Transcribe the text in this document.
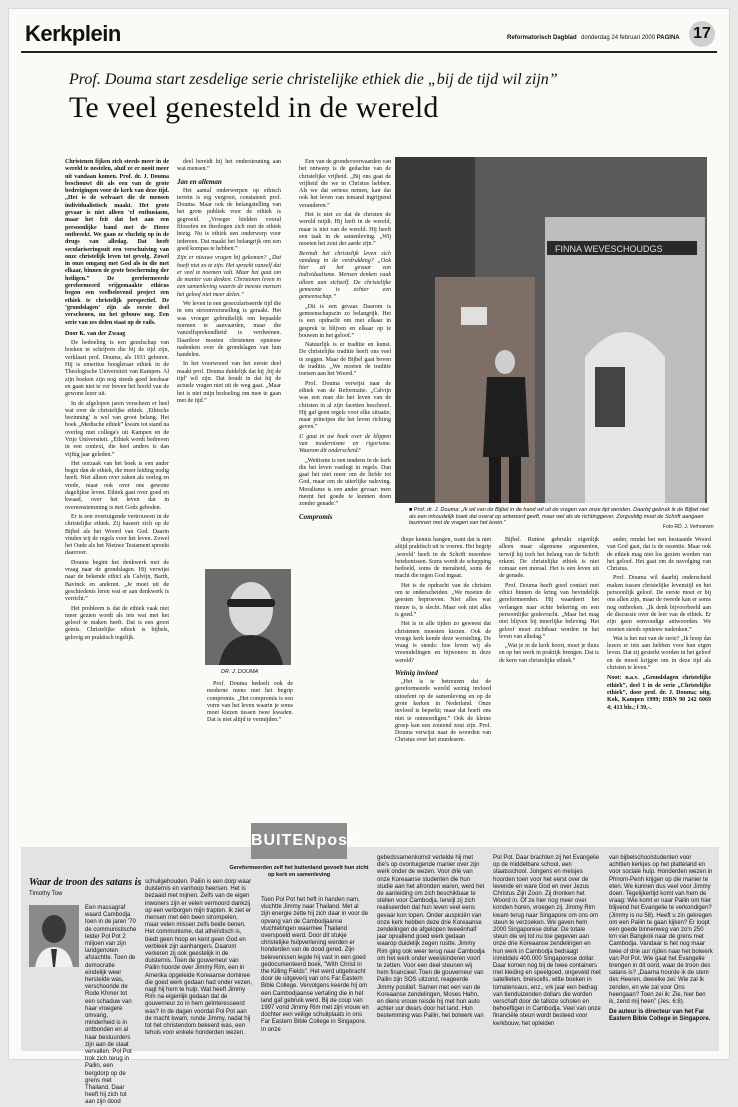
Kerkplein	Reformatorisch Dagblad donderdag 24 februari 2000 PAGINA 17
Prof. Douma start zesdelige serie christelijke ethiek die „bij de tijd wil zijn”
Te veel genesteld in de wereld

Christenen fijken zich steeds meer in de wereld te nestelen, aluif ze er nooit meer uit vandaan komen. Prof. dr. J. Douma beschouwt dit als een van de grote bedreigingen voor de kerk van deze tijd. „Het is de welvaart die de mensen individualistisch maakt. Het grote gevaar is niet alleen ’el enthusiasm, maar het feit dat het aan een persoonlijke band met de Heere ontbreekt. We gaan ze vluchtig op in de drugs van alledag. Dat heeft seculariseringsuit een verschuiving van onze christelijk leven tot gevolg. Zowel in onze omgang met God als in die met elkaar, binnen de grote bescherming der heiligen.” De gereformeerde gereformeerd vrijgemaakte ethicus begon een veelbelovend project een ethiek te christelijk perspectief. De ‘grondslagen’ zijn als eerste deel verschenen, nu het gebouw nog. Een serie van zes delen staat op de rails.

Door K. van der Zwaag

De bedoeling is een gezelschap van boeken te schrijven die bij de tijd zijn, verklaart prof. Douma, als 1931 geboren. Hij is emeritus hoogleraar ethiek in de Theologische Universiteit van Kampen. Al zijn boeken zijn nog steeds goed leesbaar en gaan niet te ver boven het hoofd van de gewone lezer uit.

In de afgelopen jaren verscheen er heel wat over de christelijke ethiek. ‚Ethische bezinning’ is wel van groot belang. Het boek „Medische ethiek” kwam tot stand na overleg met collega's uit Kampen en de Vrije Universiteit. „Ethiek wordt bedreven in een context, die heel anders is dan vijftig jaar geleden.”

Het oorzaak van het boek is een ander begin dan de ethiek, die meer leiding nodig heeft. Niet alleen over zaken als oorlog en vrede, maar ook over ons gewone dagelijkse leven. Ethiek gaat over goed en kwaad, over het leven dat in overeenstemming is met Gods geboden.

Er is een overtuigende vertrouwen in de christelijke ethiek. Zij baseert zich op de Bijbel als het Woord van God. Daarin vinden wij de regels voor het leven. Zowel het Oude als het Nieuwe Testament spreekt daarover.

Douma begint het denkwerk met de vraag naar de grondslagen. Hij verwijst naar de bekende ethici als Calvijn, Barth, Bavinck en anderen. „Je moet uit de geschiedenis leren wat er aan denkwerk is verricht.”

Het probleem is dat de ethiek vaak niet meer gezien wordt als iets wat met het geloof te maken heeft. Dat is een groot gemis. Christelijke ethiek is bijbels, gelovig en praktisch tegelijk.

deel bereidt hij het ondersteuning aan wat mensen.”

Jan en alleman

Het aantal onderwerpen op ethisch terrein is erg vergroot, constateert prof. Douma. Maar ook de belangstelling van het grote publiek voor de ethiek is gegroeid. „Vroeger hielden vooral filosofen en theologen zich met de ethiek bezig. Nu is ethiek een onderwerp voor iedereen. Dat maakt het belangrijk om een goed kompas te hebben.”

Zijn er nieuwe vragen bij gekomen? „Dat hoeft niet zo te zijn. Het spreekt vanzelf dat er veel te noemen valt. Maar het gaat om de manier van denken. Christenen leven in een samenleving waarin de meeste mensen het geloof niet meer delen.”

We leven in een geseculariseerde tijd die in een stroomversnelling is geraakt. Het was vroeger gebruikelijk om bepaalde normen te aanvaarden, maar die vanzelfsprekendheid is verdwenen. Daardoor moeten christenen opnieuw nadenken over de grondslagen van hun handelen.

In het voorwoord van het eerste deel maakt prof. Douma duidelijk dat hij ‚bij de tijd’ wil zijn. Dat houdt in dat hij de actuele vragen niet uit de weg gaat. „Maar het is niet mijn bedoeling om mee te gaan met de tijd.”

DR. J. DOUMA

Prof. Douma bedoelt ook de moderne mens met het begrip compromis. „Het compromis is een vorm van het leven waarin je soms moet kiezen tussen twee kwaden. Dat is niet altijd te vermijden.”

Een van de grondsvoorwaarden van het ontwerp is de gedachte van de christelijke vrijheid. „Bij ons gaat de vrijheid die we in Christus hebben. Als we dat serieus nemen, kan dat ook het leven van iemand ingrijpend veranderen.”

Het is niet zo dat de christen de wereld mijdt. Hij leeft in de wereld, maar is niet van de wereld. Hij heeft een taak in de samenleving. „Wij moeten het zout der aarde zijn.”

Bevindt het christelijk leven zich vandaag in de verdrukking? „Ook hier zit het gevaar van individualisme. Mensen denken vaak alleen aan zichzelf. De christelijke gemeente is echter een gemeenschap.”

„Dit is een gevaar. Daarom is gemeenschapszin zo belangrijk. Het is een opdracht om met elkaar in gesprek te blijven en elkaar op te bouwen in het geloof.”

Natuurlijk is er traditie en kunst. De christelijke traditie heeft ons veel te zeggen. Maar de Bijbel gaat boven de traditie. „We moeten de traditie toetsen aan het Woord.”

Prof. Douma verwijst naar de ethiek van de Reformatie. „Calvijn was een man die het leven van de christen in al zijn facetten beschreef. Hij gaf geen regels voor elke situatie, maar principes die het leven richting geven.”

U gaat in uw boek over de klippen van modernisme en rigorisme. Waarom dit onderscheid?

„Wettisme is een tendens in de kerk die het leven vastlegt in regels. Dan gaat het niet meer om de liefde tot God, maar om de uiterlijke naleving. Moralisme is een ander gevaar: men meent het goede te kunnen doen zonder genade.”

Compromis
FINNA WEVESCHOUDGS
■ Prof. dr. J. Douma: „Ik wil van de Bijbel in de hand wil uit de vragen van onze tijd wenden. Daarbij gebruik ik de Bijbel niet als een inhoudelijk boek dat overal op antwoord geeft, maar wel als de richtinggever. Zorgvuldig moet de Schrift aangaan bezinnen met de vragen van het leven.”
Foto RD, J. Verhoeven

diepe kennis hangen, want dat is niet altijd praktisch uit te voeren. Het begrip ‚wereld’ heeft in de Schrift meerdere betekenissen. Soms wordt de schepping bedoeld, soms de mensheid, soms de macht die tegen God ingaat.

Het is de opdracht van de christen om te onderscheiden. „We moeten de geesten beproeven. Niet alles wat nieuw is, is slecht. Maar ook niet alles is goed.”

Het is in alle tijden zo geweest dat christenen moesten kiezen. Ook de vroege kerk kende deze worsteling. De vraag is steeds: hoe leven wij als vreemdelingen en bijwoners in deze wereld?

Weinig invloed

„Het is te betreuren dat de gereformeerde wereld weinig invloed uitoefent op de samenleving en op de grote kerken in Nederland. Onze invloed is beperkt; maar dat hoeft ons niet te ontmoedigen.” Ook de kleine groep kan een zoutend zout zijn. Prof. Douma verwijst naar de woorden van Christus over het zuurdesem.

Bijbel. Ruttest gebruikt eigenlijk alleen maar algemene argumenten, terwijl hij toch het belang van de Schrift erkent. De christelijke ethiek is niet zomaar een moraal. Het is een leven uit de genade.

Prof. Douma heeft goed contact met ethici binnen de kring van bevindelijk gereformeerden. Hij waardeert het verlangen naar echte bekering en een persoonlijke godsvrucht. „Maar het mag niet blijven bij innerlijke beleving. Het geloof moet zichtbaar worden in het leven van alledag.”

„Wat je in de kerk hoort, moet je thuis en op het werk in praktijk brengen. Dat is de kern van christelijke ethiek.”

ander, omdat het een bestaande Woord van God gaat, dat is de essentie. Maar ook de ethiek mag niet los gezien worden van het geloof. Het gaat om de navolging van Christus.

Prof. Douma wil daarbij onderscheid maken tussen christelijke levenstijl en het persoonlijk geloof. De eerste moet er bij ons allen zijn, maar de tweede kan er soms nog ontbreken. „Ik denk bijvoorbeeld aan de discussie over de leer van de ethiek. Er zijn geen eenvoudige antwoorden. We moeten steeds opnieuw nadenken.”

Wat is het nut van de serie? „Ik hoop dat lezers er iets aan hebben voor hun eigen leven. Dat zij gesterkt worden in het geloof en de moed krijgen om in deze tijd als christen te leven.”

Noot: n.a.v. „Grondslagen christelijke ethiek”, deel 1 in de serie „Christelijke ethiek”, door prof. dr. J. Douma; uitg. Kok, Kampen 1999; ISBN 90 242 6069 4; 413 blz.; f 39,-.

BUITENpost
Gereformeerden zelf het buitenland gevoelt hun zicht op kerk en samenleving
Waar de troon des satans is
Timothy Tow

Een massagraf waard Cambodja toen in de jaren '70 de communistische leider Pol Pot 2 miljoen van zijn landgenoten afslachtte. Toen de democratie eindelijk weer herstelde was, verschoonde de Rode Khmer tot een schaduw van haar vroegere omvang, minderheid is in ontbonden en al haar bestuurders zijn aan de staat vervallen. Pol Pot trok zich terug in Pailin, een bergdorp op de grens met Thailand. Daar heeft hij zich tot aan zijn dood

schuilgehouden. Pailin is een dorp waar duisternis en vanhoop heersen. Het is bezaaid met mijnen. Zelfs van de eigen inwoners zijn er velen vermoord dankzij op een verborgen mijn trapten. Ik ziet er mensen met één been strompelen, maar velen missen zelfs beide benen. Het communisme, dat atheïstisch is, biedt geen hoop en kent geen God en verbleek zijn aanhangers. Daarom verkeren zij ook geestelijk in de duisternis. Toen de gouverneur van Pailin hoorde over Jimmy Rim, een in Amerika opgeleide Koreaanse dominee die goed werk gedaan had onder vezen, nagt hij hem te hulp. Wat heeft Jimmy Rim na eigenlijk gedaan dat de gouverneur zo in hem geïnteresseerd was? In de dagen voordat Pol Pot aan de macht kwam, runde Jimmy, nadat hij tot het christendom bekeerd was, een tehuis voor enkele honderden wezen.

Toen Pol Pot het heft in handen nam, vluchtte Jimmy naar Thailand. Met al zijn energie zette hij zich daar in voor de opvang van de Cambodjaanse vluchtelingen waarmee Thailand overspoeld werd. Door dit stukje christelijke hulpverlening werden er honderden van de dood gered. Zijn belevenissen legde hij vast in een goed gedocumenteerd boek, "With Christ in the Killing Fields". Het werd uitgebracht door de uitgeverij van ons Far Eastern Bible College. Vervolgens keerde hij om een Cambodjaanse vertaling die in het land gaf gebruik werd. Bij de coup van 1997 vond Jimmy Rim met zijn vrouw en dochter een veilige schuilplaats in ons Far Eastern Bible College in Singapore. In onze

gebedssamenkomst vertelde hij met die's op ovontuigende manier over zijn werk onder de wezen. Voor drie van onze Koreaanse studenten die hun studie aan het afronden waren, werd het de aanleiding om zich beschikbaar te stellen voor Cambodja, terwijl zij zich realiseerden dat hun leven veel eens gevaar kon lopen. Onder auspiciën van onze kerk hebben deze drie Koreaanse zendelingen de afgelopen tweeënhalf jaar opvallend goed werk gedaan waarop duidelijk zegen rustte. Jimmy Rim ging ook weer terug naar Cambodja om het werk onder weeskinderen voort te zetten. Voor een deel steunen wij hem financieel. Toen de gouverneur van Pailin zijn SOS uitzond, reageerde Jimmy positief. Samen met een van de Koreaanse zendelingen, Moses Hahn, en diens vrouw reisde hij met hun auto achter uur dwars door het land. Hun bestemming was Pailin, het bolwerk van

Pol Pot. Daar brachten zij het Evangelie op de middelbare school, een staatsschool. Jongens en meisjes hoorden toen voor het eerst over de levende en ware God en over Jezus Christus Zijn Zoon. Zij dronken het Woord in. Of ze hier nog meer over konden horen, vroegen zij. Jimmy Rim kwam terug naar Singapore om ons om steun te verzoeken. We gaven hem 2000 Singaporese dollar. De totale steun die wij tot nu toe gegeven aan onze drie Koreaanse zendelingen en hun werk in Cambodja bedraagt inmiddels 400.000 Singaporese dollar. Daar komen nog bij de twee containers met kleding en speelgoed, ongeveld met satellieten, breiscells, witte boeken in tomatensaus, enz., vrk jaar een bedrag van tienduizenden dollars die worden verschaft door de talloze scholen en behoeftigen in Cambodja. Veel van onze financiële steun wordt besteed voor kerkbouw, het opleiden

van bijbelschoolstudenten voor achttien kerkjes op het platteland en voor sociale hulp. Honderden wezen in Phnom-Penh krijgen op die manier te eten. We kunnen dus veel voor Jimmy doen. Tegelijkertijd komt van hem de vraag: Wie komt er naar Pailin om hier blijvend het Evangelie te verkondigen? (Jimmy is nu 58). Heeft u zin gekregen om een Pailin te gaan kijken? Er loopt een goede binnenweg van zo'n 250 km van Bangkok naar de grens met Cambodja. Vandaar is het nog maar twee of drie uur rijden naar het bolwerk van Pol Pot. Wie gaat het Evangelie brengen in dit oord, waar de troon des satans is? „Daarna hoorde ik de stem des Heeren, dewelke zei: Wie zal Ik zenden, en wie zal voor Ons heengaan? Toen zei ik: Zie, hier ben ik, zend mij heen” (Jes. 6:8).

De auteur is directeur van het Far Eastern Bible College in Singapore.
